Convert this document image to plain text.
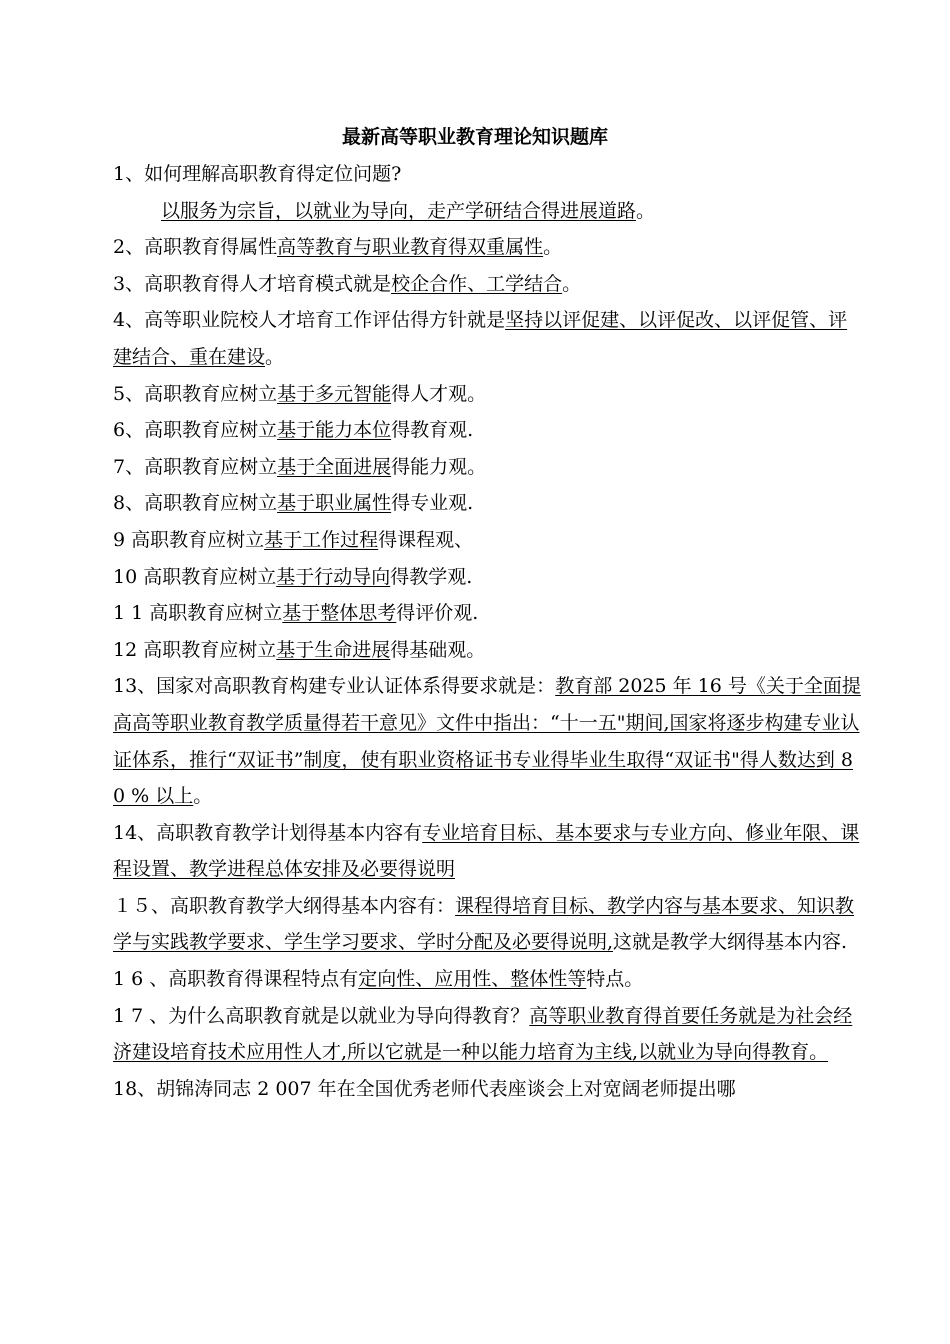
最新高等职业教育理论知识题库

1、如何理解高职教育得定位问题?

以服务为宗旨，以就业为导向，走产学研结合得进展道路。

2、高职教育得属性高等教育与职业教育得双重属性。

3、高职教育得人才培育模式就是校企合作、工学结合。

4、高等职业院校人才培育工作评估得方针就是坚持以评促建、以评促改、以评促管、评建结合、重在建设。

5、高职教育应树立基于多元智能得人才观。

6、高职教育应树立基于能力本位得教育观.

7、高职教育应树立基于全面进展得能力观。

8、高职教育应树立基于职业属性得专业观.

9 高职教育应树立基于工作过程得课程观、

10 高职教育应树立基于行动导向得教学观.

1 1 高职教育应树立基于整体思考得评价观.

12 高职教育应树立基于生命进展得基础观。

13、国家对高职教育构建专业认证体系得要求就是：教育部 2025 年 16 号《关于全面提高高等职业教育教学质量得若干意见》文件中指出：“十一五"期间,国家将逐步构建专业认证体系，推行“双证书”制度，使有职业资格证书专业得毕业生取得“双证书"得人数达到 8 0 % 以上。

14、高职教育教学计划得基本内容有专业培育目标、基本要求与专业方向、修业年限、课程设置、教学进程总体安排及必要得说明

１５、高职教育教学大纲得基本内容有：课程得培育目标、教学内容与基本要求、知识教学与实践教学要求、学生学习要求、学时分配及必要得说明,这就是教学大纲得基本内容.

1 6 、高职教育得课程特点有定向性、应用性、整体性等特点。

1 7 、为什么高职教育就是以就业为导向得教育？高等职业教育得首要任务就是为社会经济建设培育技术应用性人才,所以它就是一种以能力培育为主线,以就业为导向得教育。

18、胡锦涛同志 2 007 年在全国优秀老师代表座谈会上对宽阔老师提出哪
